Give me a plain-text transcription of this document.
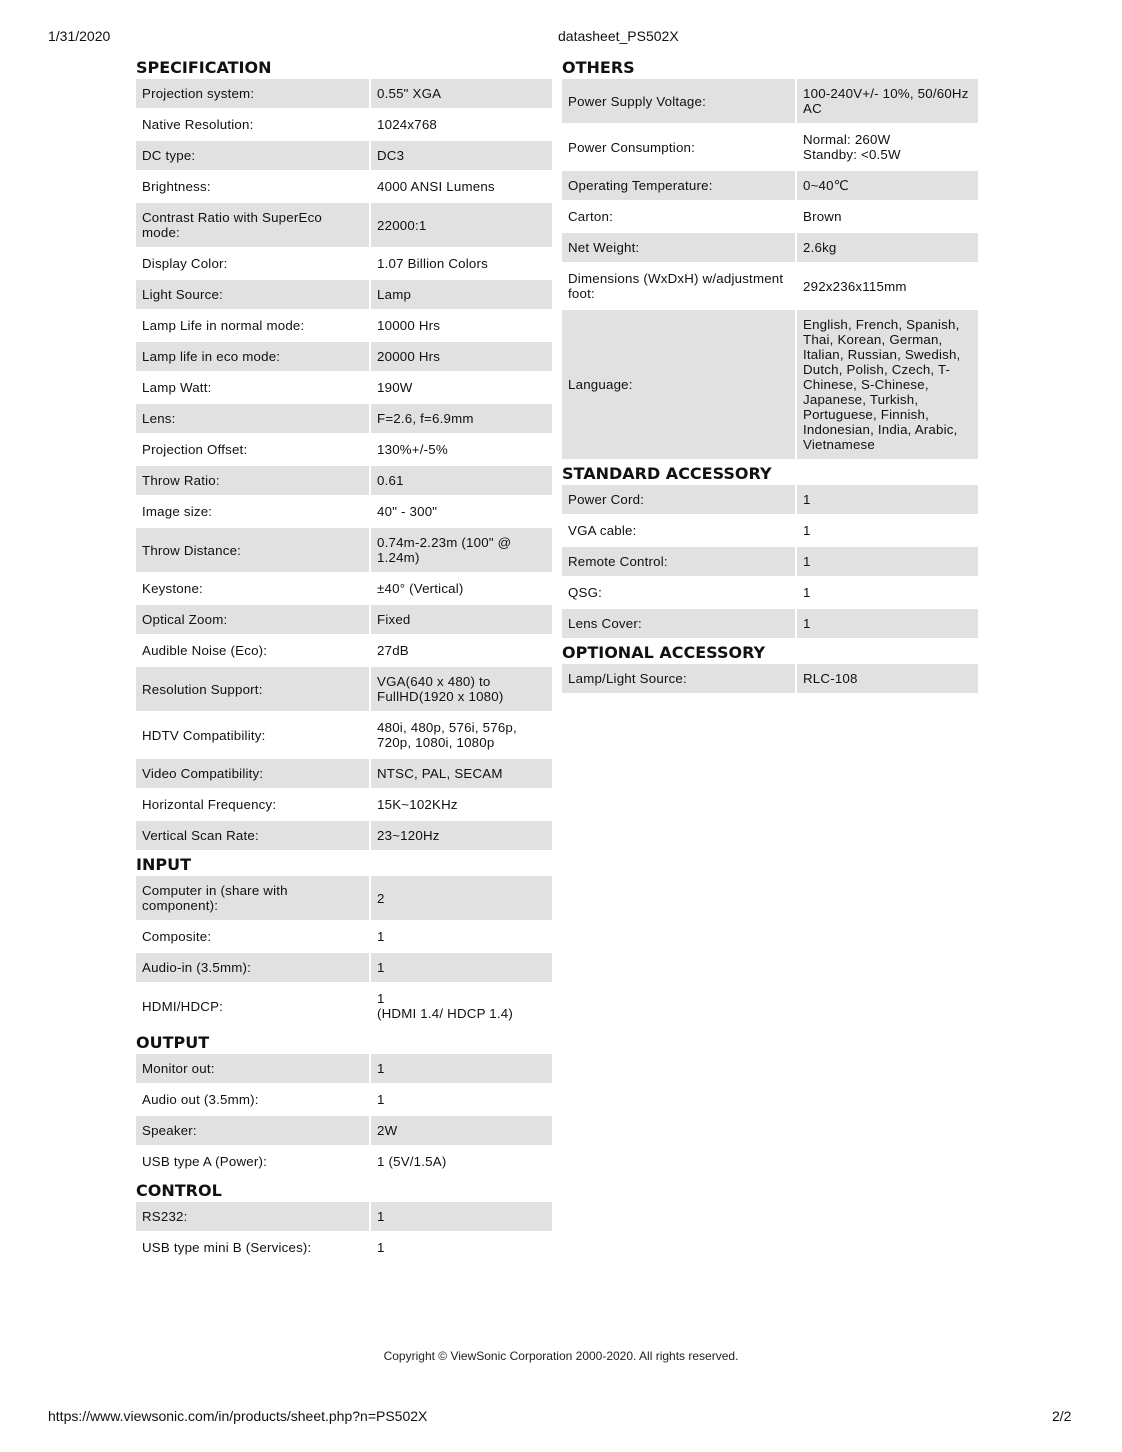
1/31/2020	datasheet_PS502X
SPECIFICATION
Projection system:	0.55" XGA
Native Resolution:	1024x768
DC type:	DC3
Brightness:	4000 ANSI Lumens
Contrast Ratio with SuperEco mode:	22000:1
Display Color:	1.07 Billion Colors
Light Source:	Lamp
Lamp Life in normal mode:	10000 Hrs
Lamp life in eco mode:	20000 Hrs
Lamp Watt:	190W
Lens:	F=2.6, f=6.9mm
Projection Offset:	130%+/-5%
Throw Ratio:	0.61
Image size:	40" - 300"
Throw Distance:	0.74m-2.23m (100" @ 1.24m)
Keystone:	±40° (Vertical)
Optical Zoom:	Fixed
Audible Noise (Eco):	27dB
Resolution Support:	VGA(640 x 480) to FullHD(1920 x 1080)
HDTV Compatibility:	480i, 480p, 576i, 576p, 720p, 1080i, 1080p
Video Compatibility:	NTSC, PAL, SECAM
Horizontal Frequency:	15K~102KHz
Vertical Scan Rate:	23~120Hz
INPUT
Computer in (share with component):	2
Composite:	1
Audio-in (3.5mm):	1
HDMI/HDCP:	1
(HDMI 1.4/ HDCP 1.4)
OUTPUT
Monitor out:	1
Audio out (3.5mm):	1
Speaker:	2W
USB type A (Power):	1 (5V/1.5A)
CONTROL
RS232:	1
USB type mini B (Services):	1
OTHERS
Power Supply Voltage:	100-240V+/- 10%, 50/60Hz AC
Power Consumption:	Normal: 260W
Standby: <0.5W
Operating Temperature:	0~40℃
Carton:	Brown
Net Weight:	2.6kg
Dimensions (WxDxH) w/adjustment foot:	292x236x115mm
Language:	English, French, Spanish, Thai, Korean, German, Italian, Russian, Swedish, Dutch, Polish, Czech, T-Chinese, S-Chinese, Japanese, Turkish, Portuguese, Finnish, Indonesian, India, Arabic, Vietnamese
STANDARD ACCESSORY
Power Cord:	1
VGA cable:	1
Remote Control:	1
QSG:	1
Lens Cover:	1
OPTIONAL ACCESSORY
Lamp/Light Source:	RLC-108
Copyright © ViewSonic Corporation 2000-2020. All rights reserved.
https://www.viewsonic.com/in/products/sheet.php?n=PS502X	2/2
